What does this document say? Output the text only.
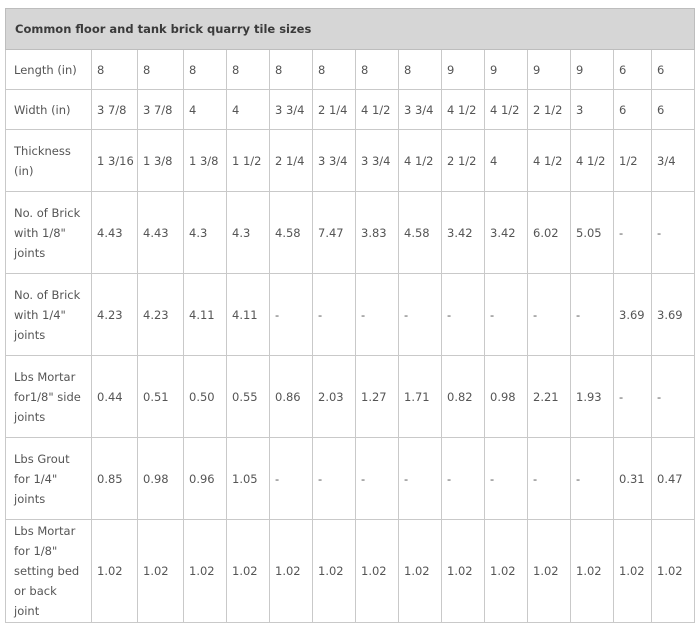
Common floor and tank brick quarry tile sizes														
Length (in)	8	8	8	8	8	8	8	8	9	9	9	9	6	6
Width (in)	3 7/8	3 7/8	4	4	3 3/4	2 1/4	4 1/2	3 3/4	4 1/2	4 1/2	2 1/2	3	6	6
Thickness (in)	1 3/16	1 3/8	1 3/8	1 1/2	2 1/4	3 3/4	3 3/4	4 1/2	2 1/2	4	4 1/2	4 1/2	1/2	3/4
No. of Brick with 1/8" joints	4.43	4.43	4.3	4.3	4.58	7.47	3.83	4.58	3.42	3.42	6.02	5.05	-	-
No. of Brick with 1/4" joints	4.23	4.23	4.11	4.11	-	-	-	-	-	-	-	-	3.69	3.69
Lbs Mortar for1/8" side joints	0.44	0.51	0.50	0.55	0.86	2.03	1.27	1.71	0.82	0.98	2.21	1.93	-	-
Lbs Grout for 1/4" joints	0.85	0.98	0.96	1.05	-	-	-	-	-	-	-	-	0.31	0.47
Lbs Mortar for 1/8" setting bed or back joint	1.02	1.02	1.02	1.02	1.02	1.02	1.02	1.02	1.02	1.02	1.02	1.02	1.02	1.02
